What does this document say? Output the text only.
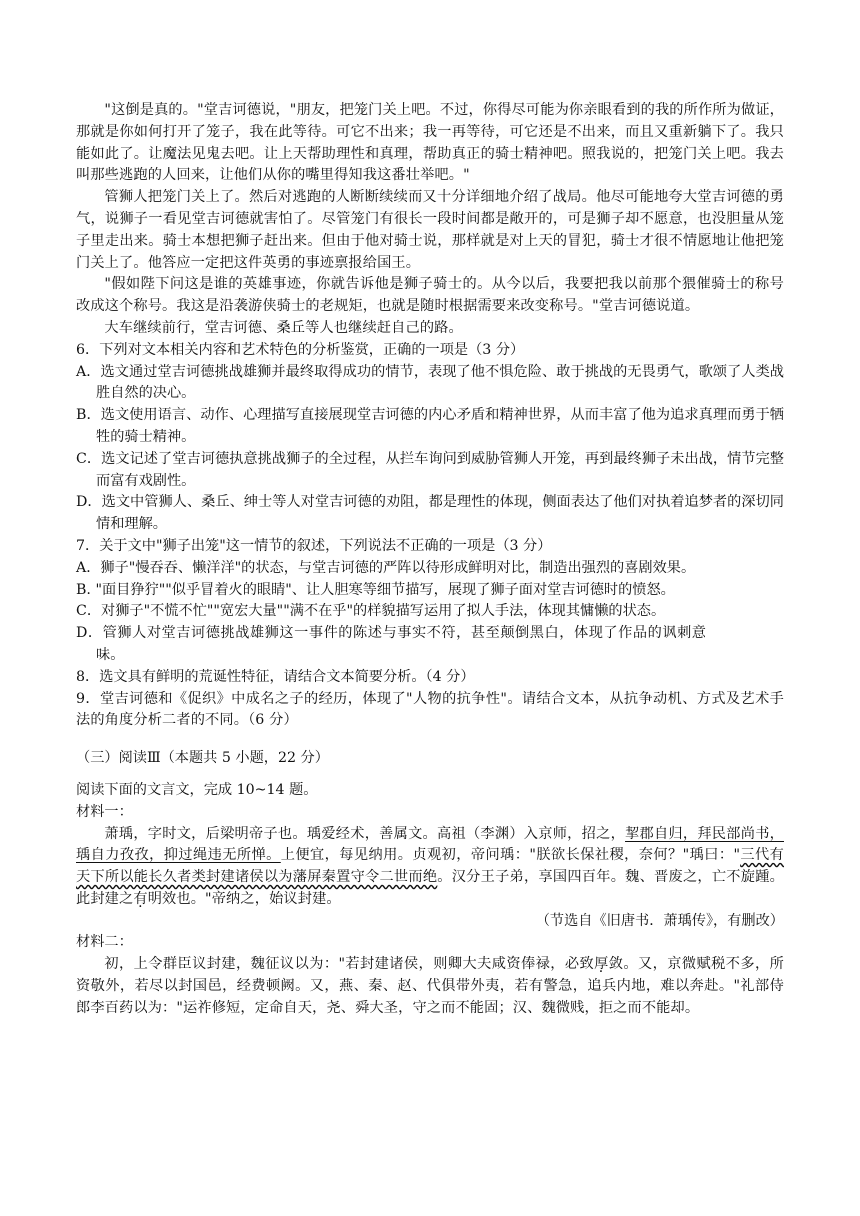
"这倒是真的。"堂吉诃德说，"朋友，把笼门关上吧。不过，你得尽可能为你亲眼看到的我的所作所为做证，那就是你如何打开了笼子，我在此等待。可它不出来；我一再等待，可它还是不出来，而且又重新躺下了。我只能如此了。让魔法见鬼去吧。让上天帮助理性和真理，帮助真正的骑士精神吧。照我说的，把笼门关上吧。我去叫那些逃跑的人回来，让他们从你的嘴里得知我这番壮举吧。"

管狮人把笼门关上了。然后对逃跑的人断断续续而又十分详细地介绍了战局。他尽可能地夸大堂吉诃德的勇气，说狮子一看见堂吉诃德就害怕了。尽管笼门有很长一段时间都是敞开的，可是狮子却不愿意，也没胆量从笼子里走出来。骑士本想把狮子赶出来。但由于他对骑士说，那样就是对上天的冒犯，骑士才很不情愿地让他把笼门关上了。他答应一定把这件英勇的事迹禀报给国王。

"假如陛下问这是谁的英雄事迹，你就告诉他是狮子骑士的。从今以后，我要把我以前那个猥催骑士的称号改成这个称号。我这是沿袭游侠骑士的老规矩，也就是随时根据需要来改变称号。"堂吉诃德说道。

大车继续前行，堂吉诃德、桑丘等人也继续赶自己的路。

6．下列对文本相关内容和艺术特色的分析鉴赏，正确的一项是（3 分）

A．选文通过堂吉诃德挑战雄狮并最终取得成功的情节，表现了他不惧危险、敢于挑战的无畏勇气，歌颂了人类战胜自然的决心。

B．选文使用语言、动作、心理描写直接展现堂吉诃德的内心矛盾和精神世界，从而丰富了他为追求真理而勇于牺牲的骑士精神。

C．选文记述了堂吉诃德执意挑战狮子的全过程，从拦车询问到威胁管狮人开笼，再到最终狮子未出战，情节完整而富有戏剧性。

D．选文中管狮人、桑丘、绅士等人对堂吉诃德的劝阻，都是理性的体现，侧面表达了他们对执着追梦者的深切同情和理解。

7．关于文中"狮子出笼"这一情节的叙述，下列说法不正确的一项是（3 分）

A．狮子"慢吞吞、懒洋洋"的状态，与堂吉诃德的严阵以待形成鲜明对比，制造出强烈的喜剧效果。

B. "面目狰狞""似乎冒着火的眼睛"、让人胆寒等细节描写，展现了狮子面对堂吉诃德时的愤怒。

C．对狮子"不慌不忙""宽宏大量""满不在乎"的样貌描写运用了拟人手法，体现其慵懒的状态。

D．管狮人对堂吉诃德挑战雄狮这一事件的陈述与事实不符，甚至颠倒黑白，体现了作品的讽刺意味。

8．选文具有鲜明的荒诞性特征，请结合文本简要分析。（4 分）

9．堂吉诃德和《促织》中成名之子的经历，体现了"人物的抗争性"。请结合文本，从抗争动机、方式及艺术手法的角度分析二者的不同。（6 分）

（三）阅读Ⅲ（本题共 5 小题，22 分）

阅读下面的文言文，完成 10~14 题。

材料一：

萧瑀，字时文，后梁明帝子也。瑀爱经术，善属文。高祖（李渊）入京师，招之，挈郡自归，拜民部尚书，瑀自力孜孜，抑过绳违无所惮。上便宜，每见纳用。贞观初，帝问瑀："朕欲长保社稷，奈何？"瑀曰："三代有天下所以能长久者类封建诸侯以为藩屏秦置守令二世而绝。汉分王子弟，享国四百年。魏、晋废之，亡不旋踵。此封建之有明效也。"帝纳之，始议封建。

（节选自《旧唐书．萧瑀传》，有删改）

材料二：

初，上令群臣议封建，魏征议以为："若封建诸侯，则卿大夫咸资俸禄，必致厚敛。又，京微赋税不多，所资敬外，若尽以封国邑，经费顿阙。又，燕、秦、赵、代俱带外夷，若有警急，追兵内地，难以奔赴。"礼部侍郎李百药以为："运祚修短，定命自天，尧、舜大圣，守之而不能固；汉、魏微贱，拒之而不能却。
